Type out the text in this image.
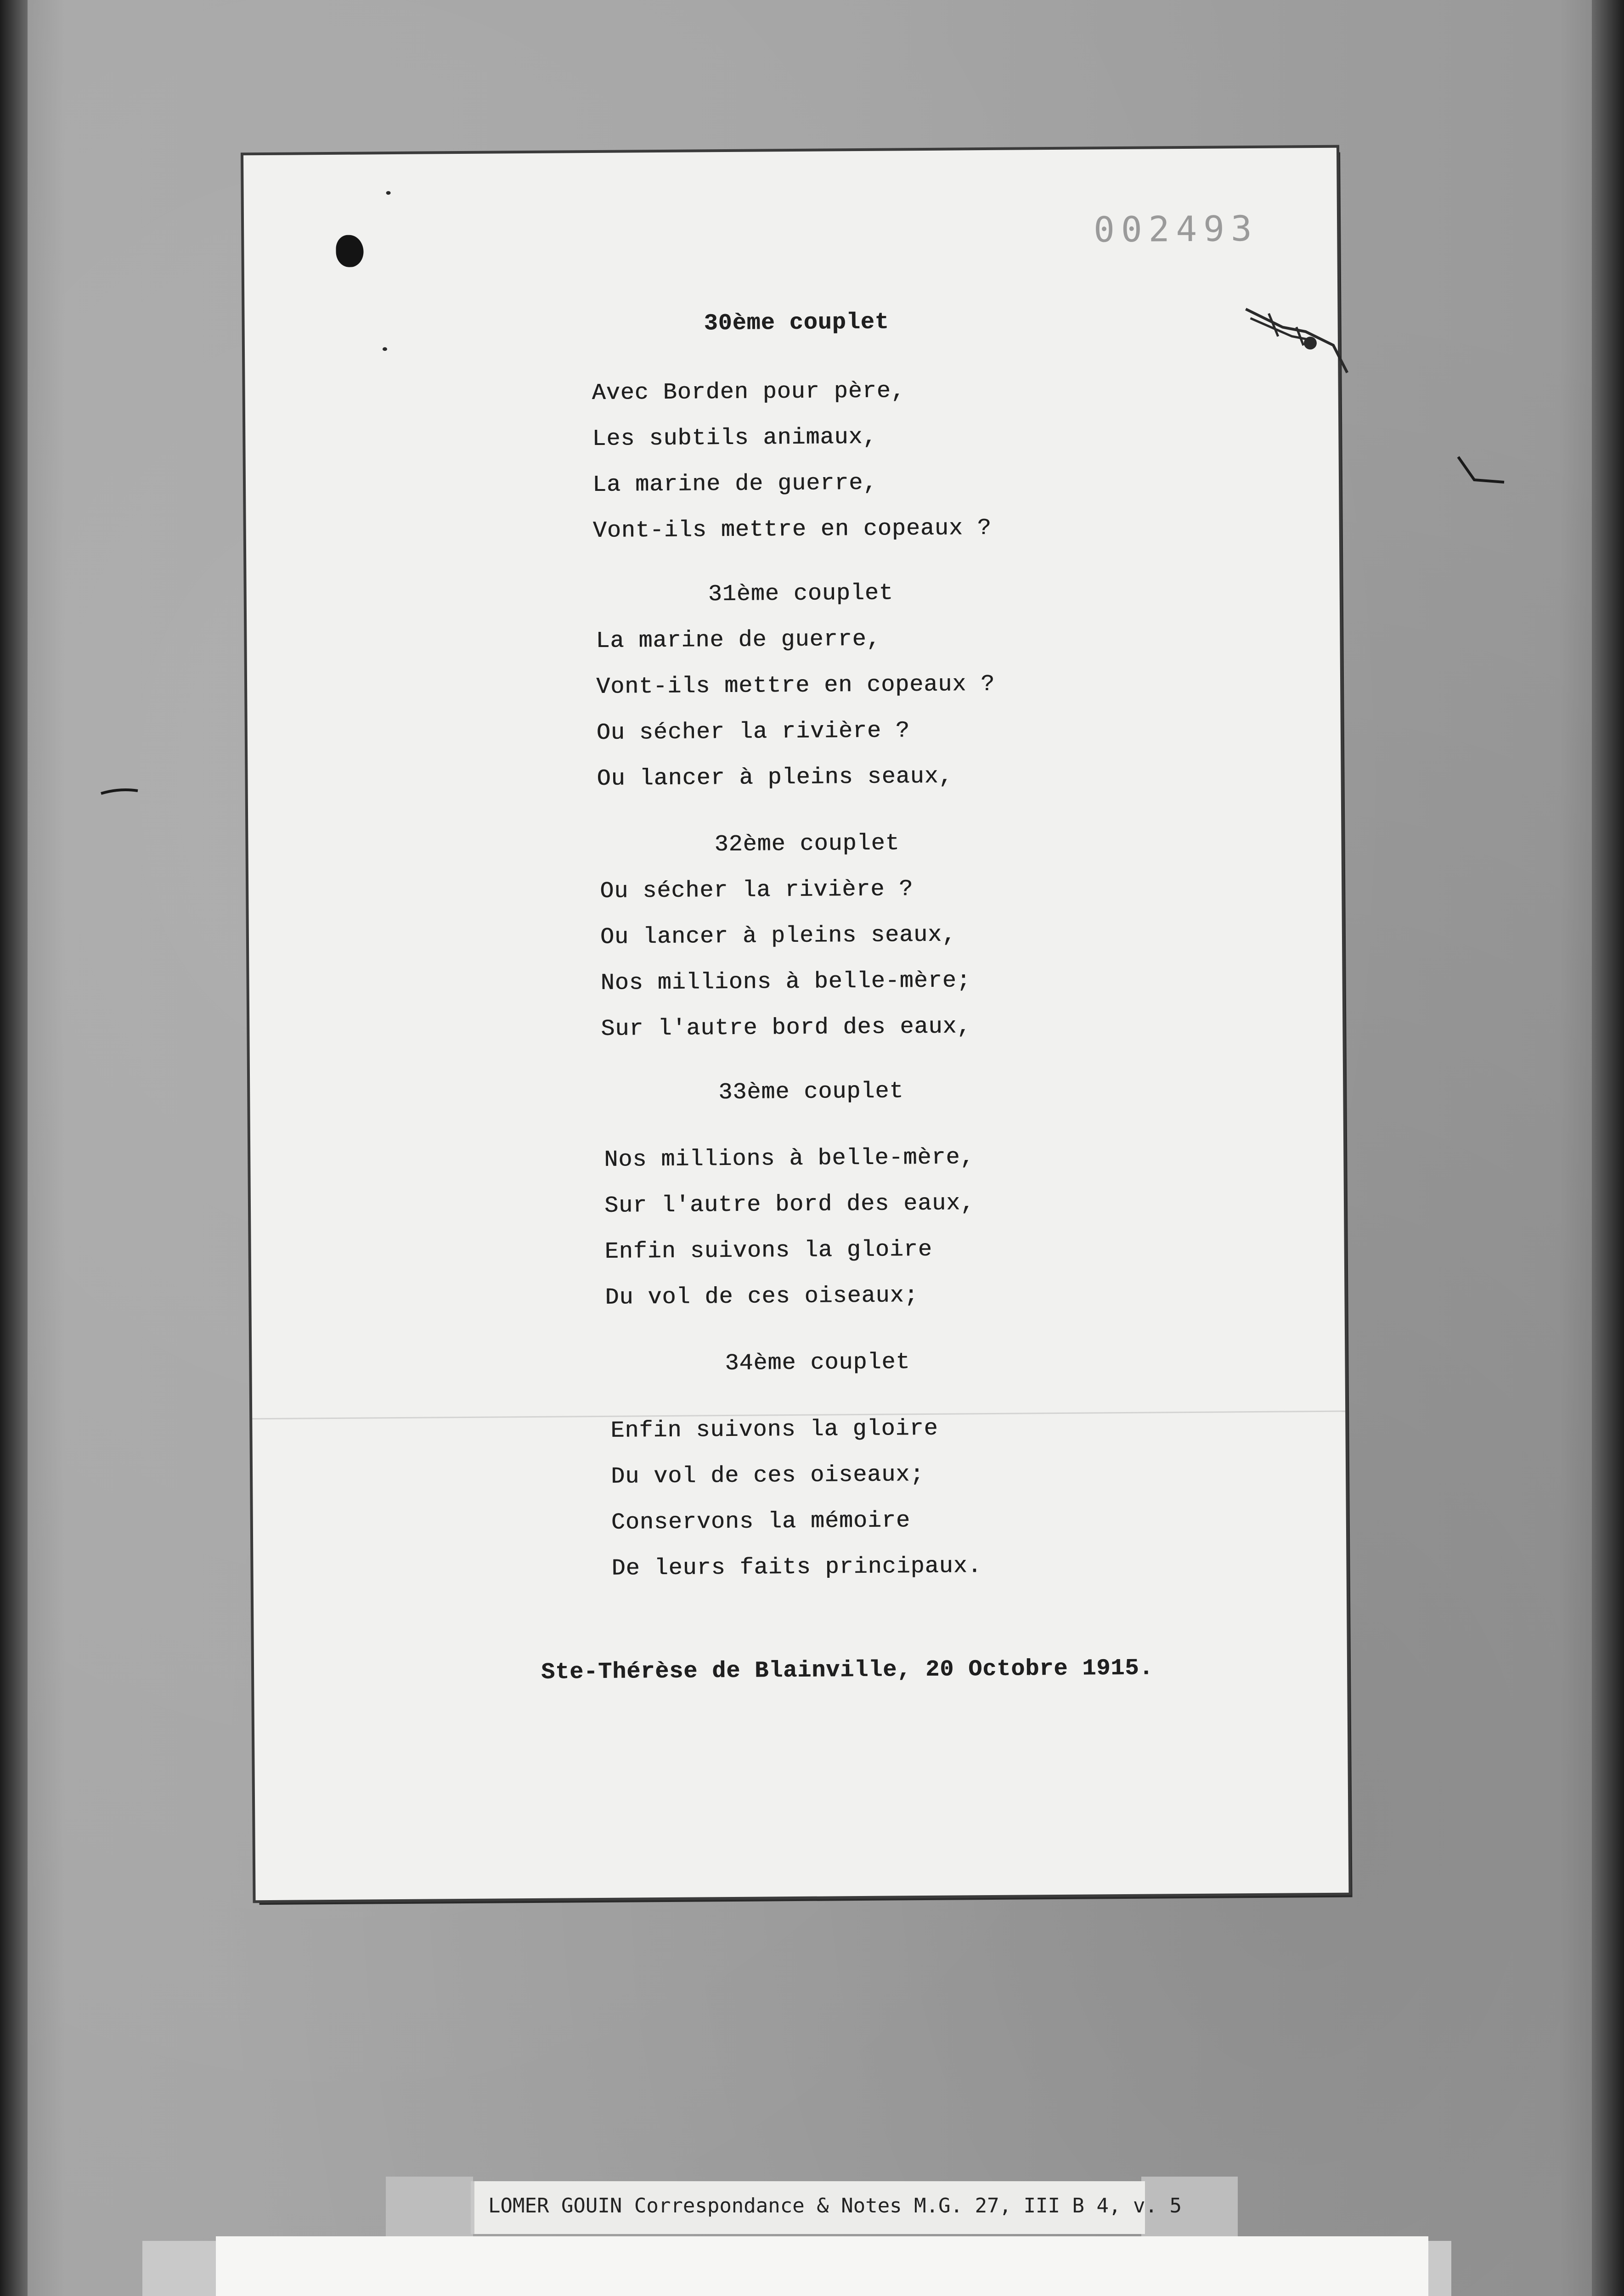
002493
30ème couplet
Avec Borden pour père,
Les subtils animaux,
La marine de guerre,
Vont-ils mettre en copeaux ?
31ème couplet
La marine de guerre,
Vont-ils mettre en copeaux ?
Ou sécher la rivière ?
Ou lancer à pleins seaux,
32ème couplet
Ou sécher la rivière ?
Ou lancer à pleins seaux,
Nos millions à belle-mère;
Sur l'autre bord des eaux,
33ème couplet
Nos millions à belle-mère,
Sur l'autre bord des eaux,
Enfin suivons la gloire
Du vol de ces oiseaux;
34ème couplet
Enfin suivons la gloire
Du vol de ces oiseaux;
Conservons la mémoire
De leurs faits principaux.
Ste-Thérèse de Blainville, 20 Octobre 1915.
LOMER GOUIN Correspondance & Notes M.G. 27, III B 4, v. 5
